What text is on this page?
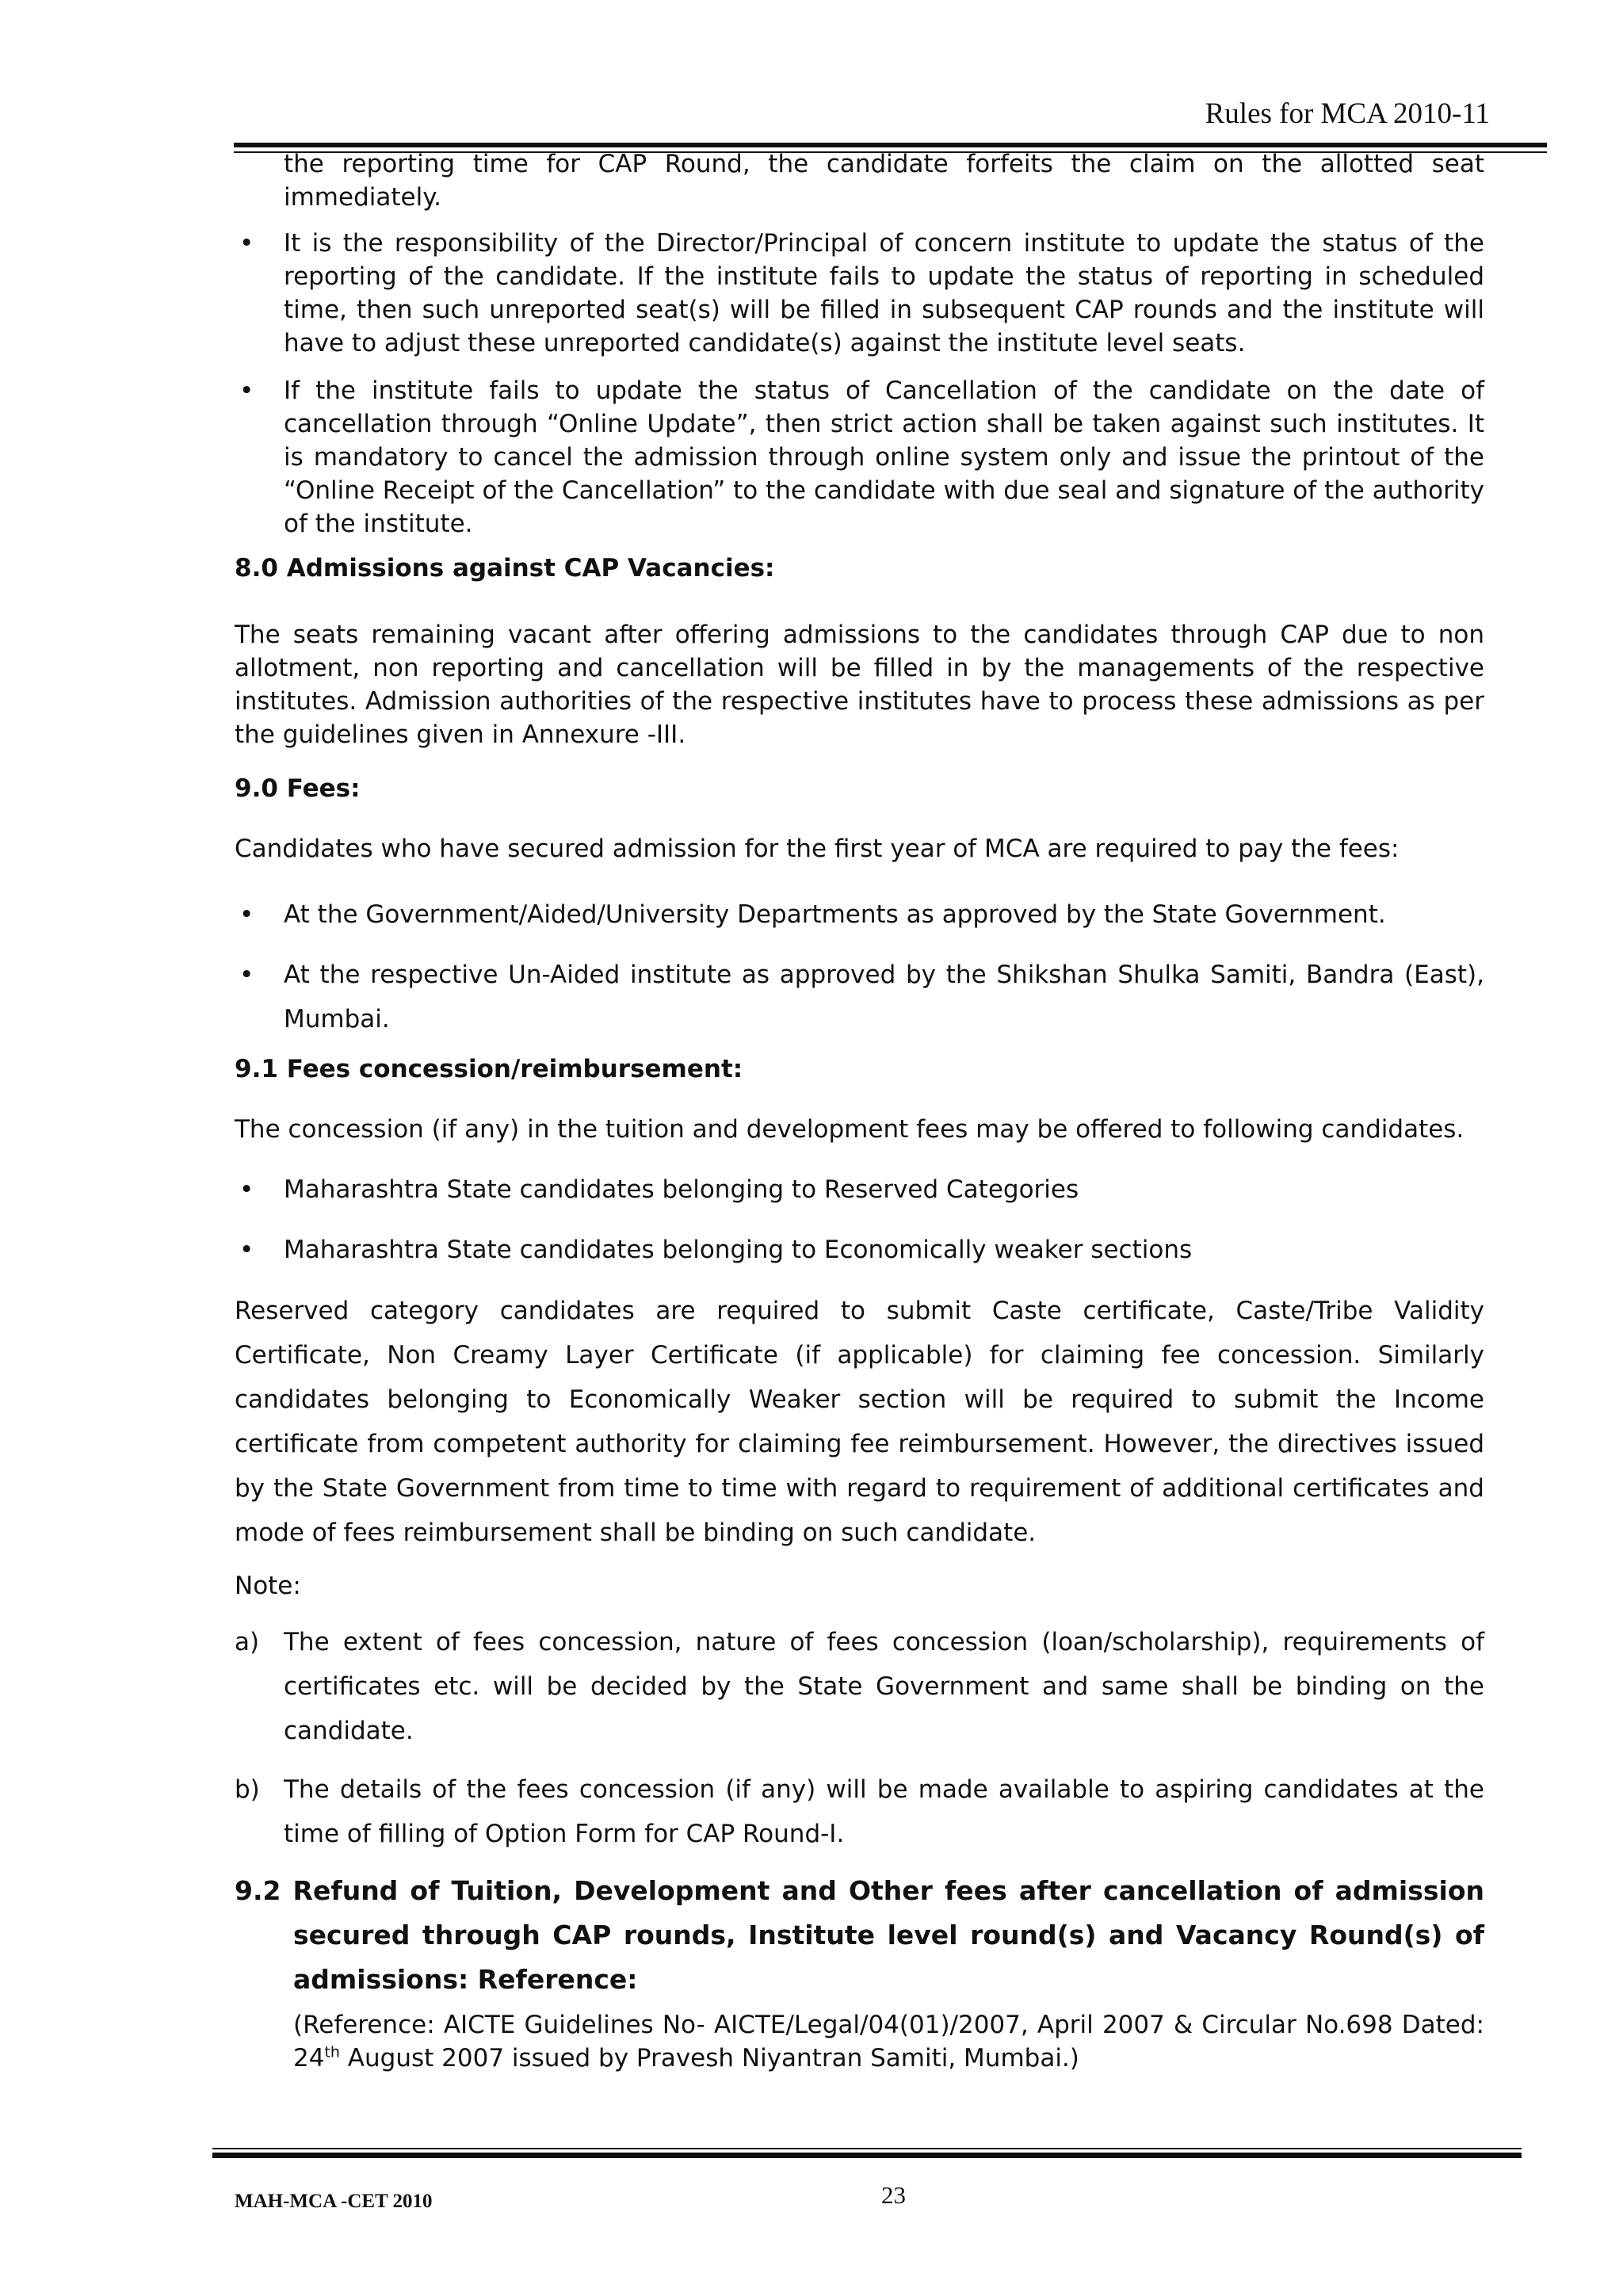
Rules for MCA 2010-11

the reporting time for CAP Round, the candidate forfeits the claim on the allotted seat immediately.

• It is the responsibility of the Director/Principal of concern institute to update the status of the reporting of the candidate. If the institute fails to update the status of reporting in scheduled time, then such unreported seat(s) will be filled in subsequent CAP rounds and the institute will have to adjust these unreported candidate(s) against the institute level seats.
• If the institute fails to update the status of Cancellation of the candidate on the date of cancellation through “Online Update”, then strict action shall be taken against such institutes. It is mandatory to cancel the admission through online system only and issue the printout of the “Online Receipt of the Cancellation” to the candidate with due seal and signature of the authority of the institute.

8.0 Admissions against CAP Vacancies:

The seats remaining vacant after offering admissions to the candidates through CAP due to non allotment, non reporting and cancellation will be filled in by the managements of the respective institutes. Admission authorities of the respective institutes have to process these admissions as per the guidelines given in Annexure -III.

9.0 Fees:

Candidates who have secured admission for the first year of MCA are required to pay the fees:

• At the Government/Aided/University Departments as approved by the State Government.
• At the respective Un-Aided institute as approved by the Shikshan Shulka Samiti, Bandra (East), Mumbai.

9.1 Fees concession/reimbursement:

The concession (if any) in the tuition and development fees may be offered to following candidates.

• Maharashtra State candidates belonging to Reserved Categories
• Maharashtra State candidates belonging to Economically weaker sections

Reserved category candidates are required to submit Caste certificate, Caste/Tribe Validity Certificate, Non Creamy Layer Certificate (if applicable) for claiming fee concession. Similarly candidates belonging to Economically Weaker section will be required to submit the Income certificate from competent authority for claiming fee reimbursement. However, the directives issued by the State Government from time to time with regard to requirement of additional certificates and mode of fees reimbursement shall be binding on such candidate.

Note:

a) The extent of fees concession, nature of fees concession (loan/scholarship), requirements of certificates etc. will be decided by the State Government and same shall be binding on the candidate.
b) The details of the fees concession (if any) will be made available to aspiring candidates at the time of filling of Option Form for CAP Round-I.

9.2 Refund of Tuition, Development and Other fees after cancellation of admission secured through CAP rounds, Institute level round(s) and Vacancy Round(s) of admissions: Reference:

(Reference: AICTE Guidelines No- AICTE/Legal/04(01)/2007, April 2007 & Circular No.698 Dated: 24th August 2007 issued by Pravesh Niyantran Samiti, Mumbai.)

MAH-MCA -CET 2010	23
